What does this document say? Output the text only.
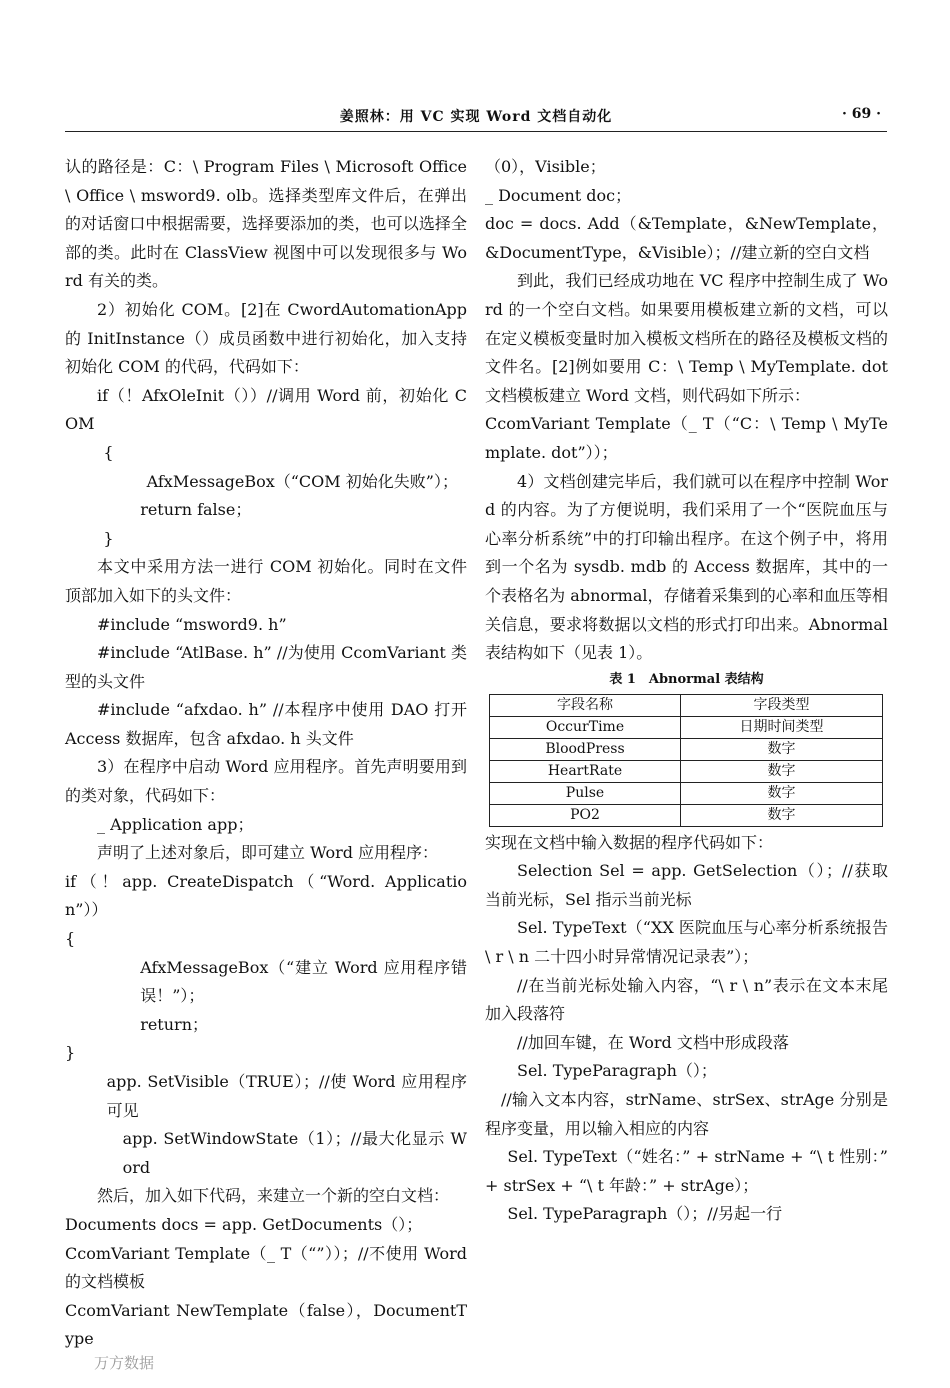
姜照林：用 VC 实现 Word 文档自动化	· 69 ·

认的路径是：C：\ Program Files \ Microsoft Office \ Office \ msword9. olb。选择类型库文件后，在弹出的对话窗口中根据需要，选择要添加的类，也可以选择全部的类。此时在 ClassView 视图中可以发现很多与 Word 有关的类。

2）初始化 COM。[2]在 CwordAutomationApp 的 InitInstance（）成员函数中进行初始化，加入支持初始化 COM 的代码，代码如下：

if（！AfxOleInit（））//调用 Word 前，初始化 COM

{

AfxMessageBox（“COM 初始化失败”）；

return false；

}

本文中采用方法一进行 COM 初始化。同时在文件顶部加入如下的头文件：

#include “msword9. h”

#include “AtlBase. h” //为使用 CcomVariant 类型的头文件

#include “afxdao. h” //本程序中使用 DAO 打开 Access 数据库，包含 afxdao. h 头文件

3）在程序中启动 Word 应用程序。首先声明要用到的类对象，代码如下：

_ Application app；

声明了上述对象后，即可建立 Word 应用程序：

if（！app. CreateDispatch（“Word. Application”））

{

AfxMessageBox（“建立 Word 应用程序错误！”）；

return；

}

app. SetVisible（TRUE）；//使 Word 应用程序可见

app. SetWindowState（1）；//最大化显示 Word

然后，加入如下代码，来建立一个新的空白文档：

Documents docs = app. GetDocuments（）；

CcomVariant Template（_ T（“”））；//不使用 Word 的文档模板

CcomVariant NewTemplate（false），DocumentType

（0），Visible；

_ Document doc；

doc = docs. Add（&Template，&NewTemplate，&DocumentType，&Visible）；//建立新的空白文档

到此，我们已经成功地在 VC 程序中控制生成了 Word 的一个空白文档。如果要用模板建立新的文档，可以在定义模板变量时加入模板文档所在的路径及模板文档的文件名。[2]例如要用 C：\ Temp \ MyTemplate. dot 文档模板建立 Word 文档，则代码如下所示：

CcomVariant Template（_ T（“C：\ Temp \ MyTemplate. dot”））；

4）文档创建完毕后，我们就可以在程序中控制 Word 的内容。为了方便说明，我们采用了一个“医院血压与心率分析系统”中的打印输出程序。在这个例子中，将用到一个名为 sysdb. mdb 的 Access 数据库，其中的一个表格名为 abnormal，存储着采集到的心率和血压等相关信息，要求将数据以文档的形式打印出来。Abnormal 表结构如下（见表 1）。

表 1　Abnormal 表结构
字段名称	字段类型
OccurTime	日期时间类型
BloodPress	数字
HeartRate	数字
Pulse	数字
PO2	数字

实现在文档中输入数据的程序代码如下：

Selection Sel = app. GetSelection（）；//获取当前光标，Sel 指示当前光标

Sel. TypeText（“XX 医院血压与心率分析系统报告 \ r \ n 二十四小时异常情况记录表”）；

//在当前光标处输入内容，“\ r \ n”表示在文本末尾加入段落符

//加回车键，在 Word 文档中形成段落

Sel. TypeParagraph（）；

//输入文本内容，strName、strSex、strAge 分别是程序变量，用以输入相应的内容

Sel. TypeText（“姓名：” + strName + “\ t 性别：” + strSex + “\ t 年龄：” + strAge）；

Sel. TypeParagraph（）；//另起一行

万方数据
